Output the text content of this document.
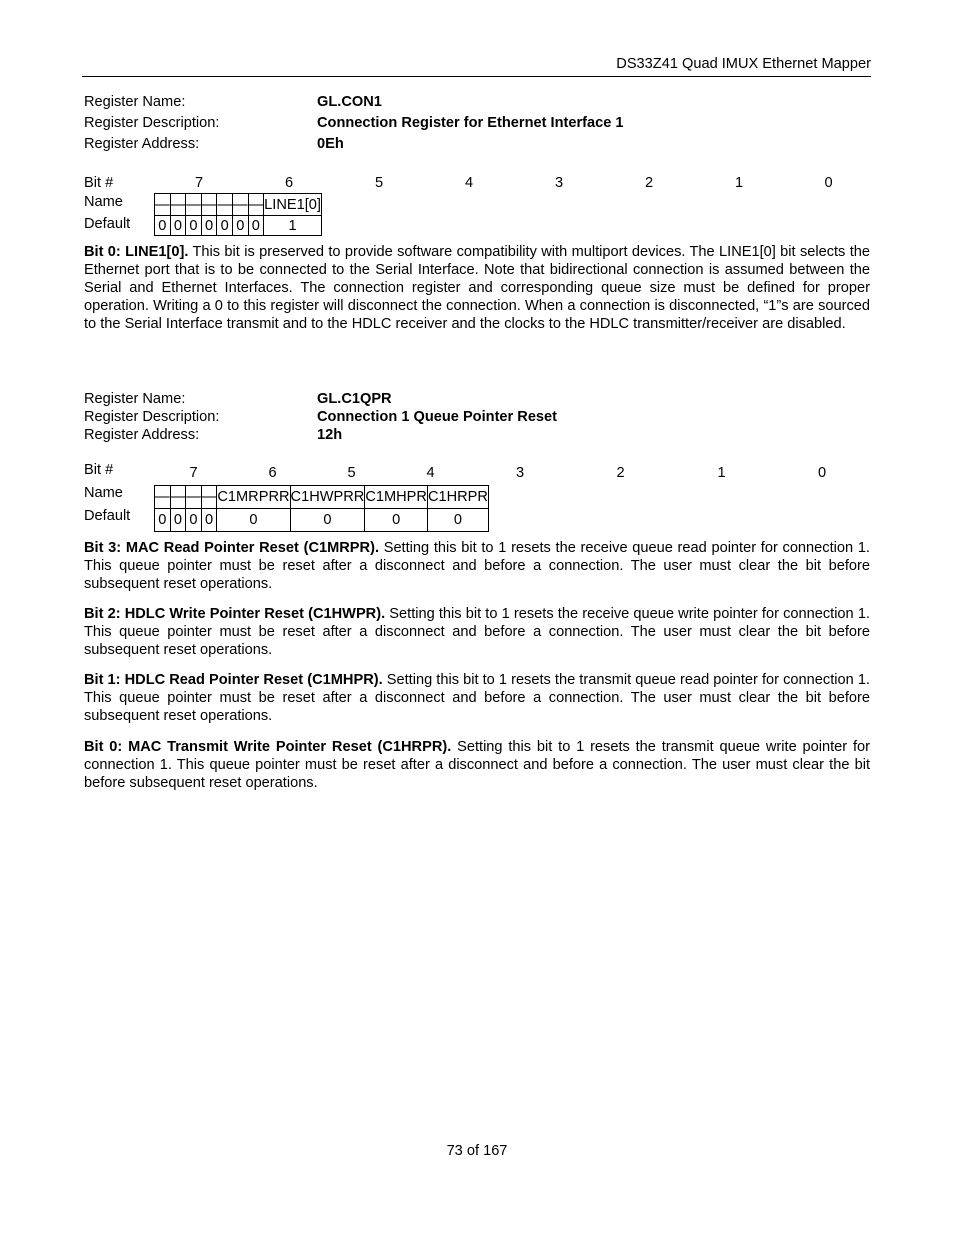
DS33Z41 Quad IMUX Ethernet Mapper
Register Name:	GL.CON1
Register Description:	Connection Register for Ethernet Interface 1
Register Address:	0Eh
Bit #
Name
Default
7	6	5	4	3	2	1	0
—	—	—	—	—	—	—	LINE1[0]
0	0	0	0	0	0	0	1

Bit 0: LINE1[0]. This bit is preserved to provide software compatibility with multiport devices. The LINE1[0] bit selects the Ethernet port that is to be connected to the Serial Interface. Note that bidirectional connection is assumed between the Serial and Ethernet Interfaces. The connection register and corresponding queue size must be defined for proper operation. Writing a 0 to this register will disconnect the connection. When a connection is disconnected, “1”s are sourced to the Serial Interface transmit and to the HDLC receiver and the clocks to the HDLC transmitter/receiver are disabled.

Register Name:	GL.C1QPR
Register Description:	Connection 1 Queue Pointer Reset
Register Address:	12h
Bit #
Name
Default
7	6	5	4	3	2	1	0
—	—	—	—	C1MRPRR	C1HWPRR	C1MHPR	C1HRPR
0	0	0	0	0	0	0	0

Bit 3: MAC Read Pointer Reset (C1MRPR). Setting this bit to 1 resets the receive queue read pointer for connection 1. This queue pointer must be reset after a disconnect and before a connection. The user must clear the bit before subsequent reset operations.

Bit 2: HDLC Write Pointer Reset (C1HWPR). Setting this bit to 1 resets the receive queue write pointer for connection 1. This queue pointer must be reset after a disconnect and before a connection. The user must clear the bit before subsequent reset operations.

Bit 1: HDLC Read Pointer Reset (C1MHPR). Setting this bit to 1 resets the transmit queue read pointer for connection 1. This queue pointer must be reset after a disconnect and before a connection. The user must clear the bit before subsequent reset operations.

Bit 0: MAC Transmit Write Pointer Reset (C1HRPR). Setting this bit to 1 resets the transmit queue write pointer for connection 1. This queue pointer must be reset after a disconnect and before a connection. The user must clear the bit before subsequent reset operations.

73 of 167
